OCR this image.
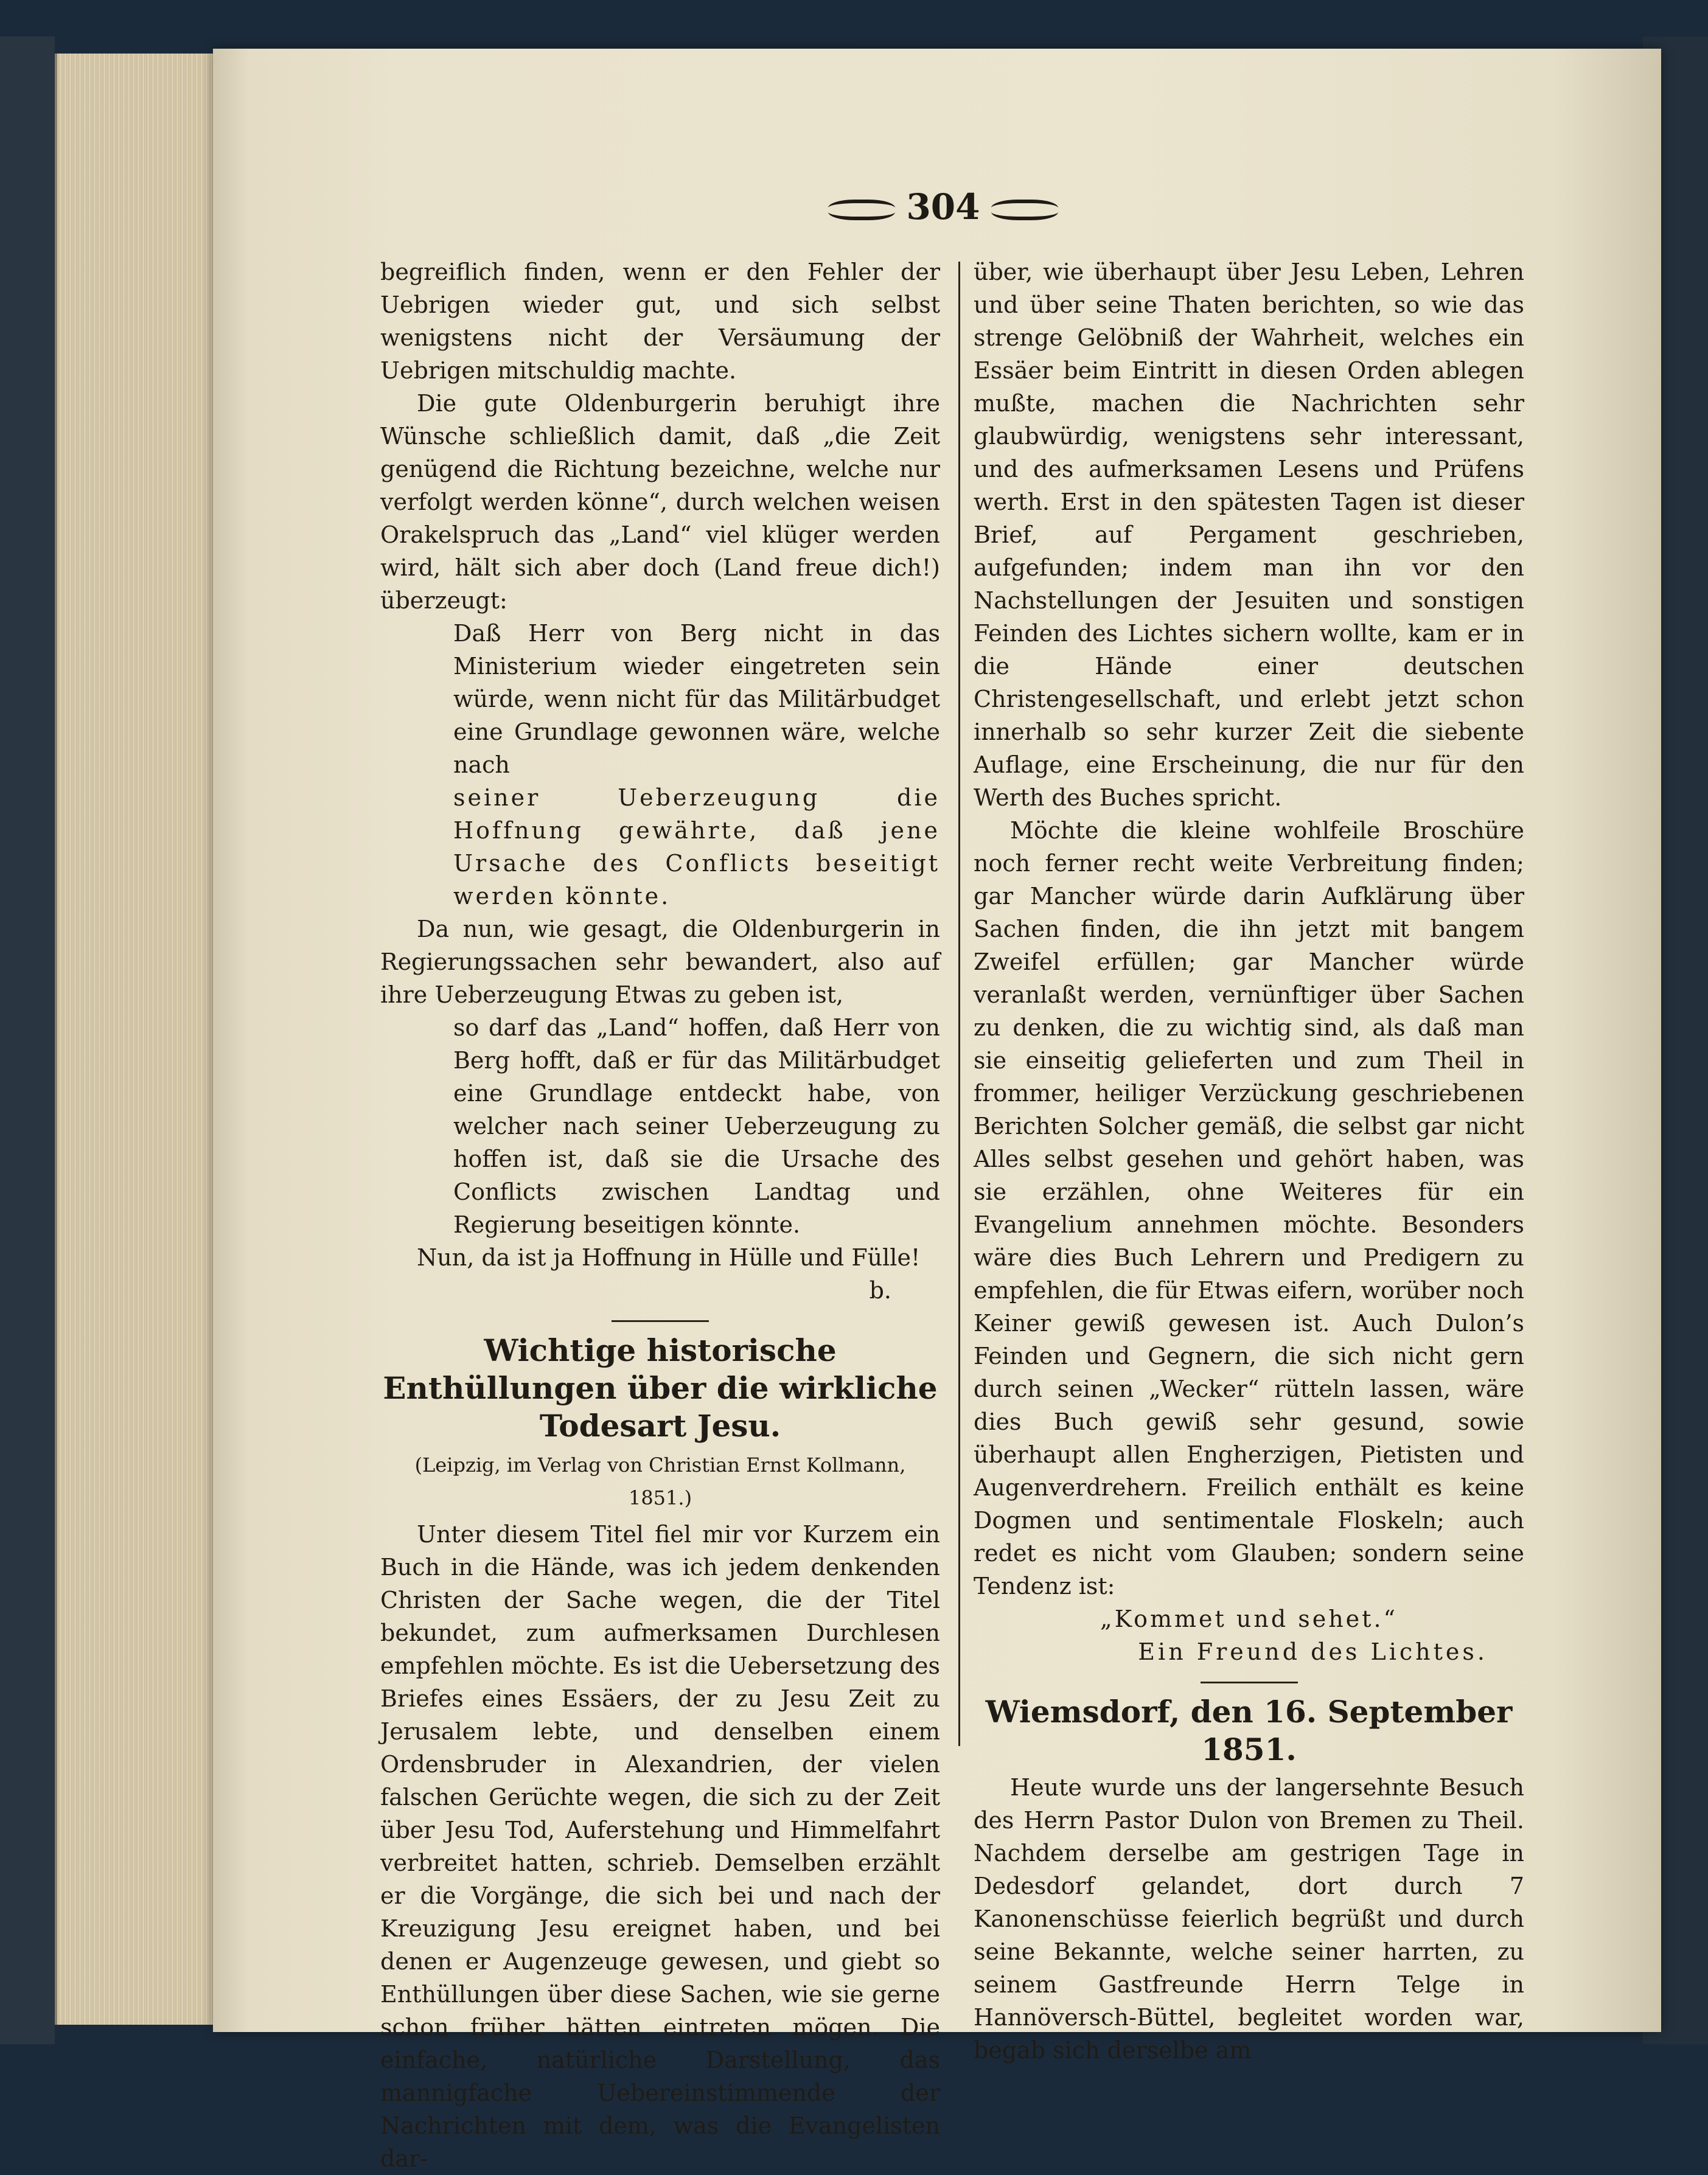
304

begreiflich finden, wenn er den Fehler der Uebrigen wieder gut, und sich selbst wenigstens nicht der Versäumung der Uebrigen mitschuldig machte.

Die gute Oldenburgerin beruhigt ihre Wünsche schließlich damit, daß „die Zeit genügend die Richtung bezeichne, welche nur verfolgt werden könne“, durch welchen weisen Orakelspruch das „Land“ viel klüger werden wird, hält sich aber doch (Land freue dich!) überzeugt:

Daß Herr von Berg nicht in das Ministerium wieder eingetreten sein würde, wenn nicht für das Militärbudget eine Grundlage gewonnen wäre, welche nach

seiner Ueberzeugung die Hoffnung gewährte, daß jene Ursache des Conflicts beseitigt werden könnte.

Da nun, wie gesagt, die Oldenburgerin in Regierungssachen sehr bewandert, also auf ihre Ueberzeugung Etwas zu geben ist,

so darf das „Land“ hoffen, daß Herr von Berg hofft, daß er für das Militärbudget eine Grundlage entdeckt habe, von welcher nach seiner Ueberzeugung zu hoffen ist, daß sie die Ursache des Conflicts zwischen Landtag und Regierung beseitigen könnte.

Nun, da ist ja Hoffnung in Hülle und Fülle!

b.

Wichtige historische Enthüllungen über die wirkliche Todesart Jesu.

(Leipzig, im Verlag von Christian Ernst Kollmann, 1851.)

Unter diesem Titel fiel mir vor Kurzem ein Buch in die Hände, was ich jedem denkenden Christen der Sache wegen, die der Titel bekundet, zum aufmerksamen Durchlesen empfehlen möchte. Es ist die Uebersetzung des Briefes eines Essäers, der zu Jesu Zeit zu Jerusalem lebte, und denselben einem Ordensbruder in Alexandrien, der vielen falschen Gerüchte wegen, die sich zu der Zeit über Jesu Tod, Auferstehung und Himmelfahrt verbreitet hatten, schrieb. Demselben erzählt er die Vorgänge, die sich bei und nach der Kreuzigung Jesu ereignet haben, und bei denen er Augenzeuge gewesen, und giebt so Enthüllungen über diese Sachen, wie sie gerne schon früher hätten eintreten mögen. Die einfache, natürliche Darstellung, das mannigfache Uebereinstimmende der Nachrichten mit dem, was die Evangelisten dar-

über, wie überhaupt über Jesu Leben, Lehren und über seine Thaten berichten, so wie das strenge Gelöbniß der Wahrheit, welches ein Essäer beim Eintritt in diesen Orden ablegen mußte, machen die Nachrichten sehr glaubwürdig, wenigstens sehr interessant, und des aufmerksamen Lesens und Prüfens werth. Erst in den spätesten Tagen ist dieser Brief, auf Pergament geschrieben, aufgefunden; indem man ihn vor den Nachstellungen der Jesuiten und sonstigen Feinden des Lichtes sichern wollte, kam er in die Hände einer deutschen Christengesellschaft, und erlebt jetzt schon innerhalb so sehr kurzer Zeit die siebente Auflage, eine Erscheinung, die nur für den Werth des Buches spricht.

Möchte die kleine wohlfeile Broschüre noch ferner recht weite Verbreitung finden; gar Mancher würde darin Aufklärung über Sachen finden, die ihn jetzt mit bangem Zweifel erfüllen; gar Mancher würde veranlaßt werden, vernünftiger über Sachen zu denken, die zu wichtig sind, als daß man sie einseitig gelieferten und zum Theil in frommer, heiliger Verzückung geschriebenen Berichten Solcher gemäß, die selbst gar nicht Alles selbst gesehen und gehört haben, was sie erzählen, ohne Weiteres für ein Evangelium annehmen möchte. Besonders wäre dies Buch Lehrern und Predigern zu empfehlen, die für Etwas eifern, worüber noch Keiner gewiß gewesen ist. Auch Dulon’s Feinden und Gegnern, die sich nicht gern durch seinen „Wecker“ rütteln lassen, wäre dies Buch gewiß sehr gesund, sowie überhaupt allen Engherzigen, Pietisten und Augenverdrehern. Freilich enthält es keine Dogmen und sentimentale Floskeln; auch redet es nicht vom Glauben; sondern seine Tendenz ist:

„Kommet und sehet.“

Ein Freund des Lichtes.

Wiemsdorf, den 16. September 1851.

Heute wurde uns der langersehnte Besuch des Herrn Pastor Dulon von Bremen zu Theil. Nachdem derselbe am gestrigen Tage in Dedesdorf gelandet, dort durch 7 Kanonenschüsse feierlich begrüßt und durch seine Bekannte, welche seiner harrten, zu seinem Gastfreunde Herrn Telge in Hannöversch-Büttel, begleitet worden war, begab sich derselbe am
